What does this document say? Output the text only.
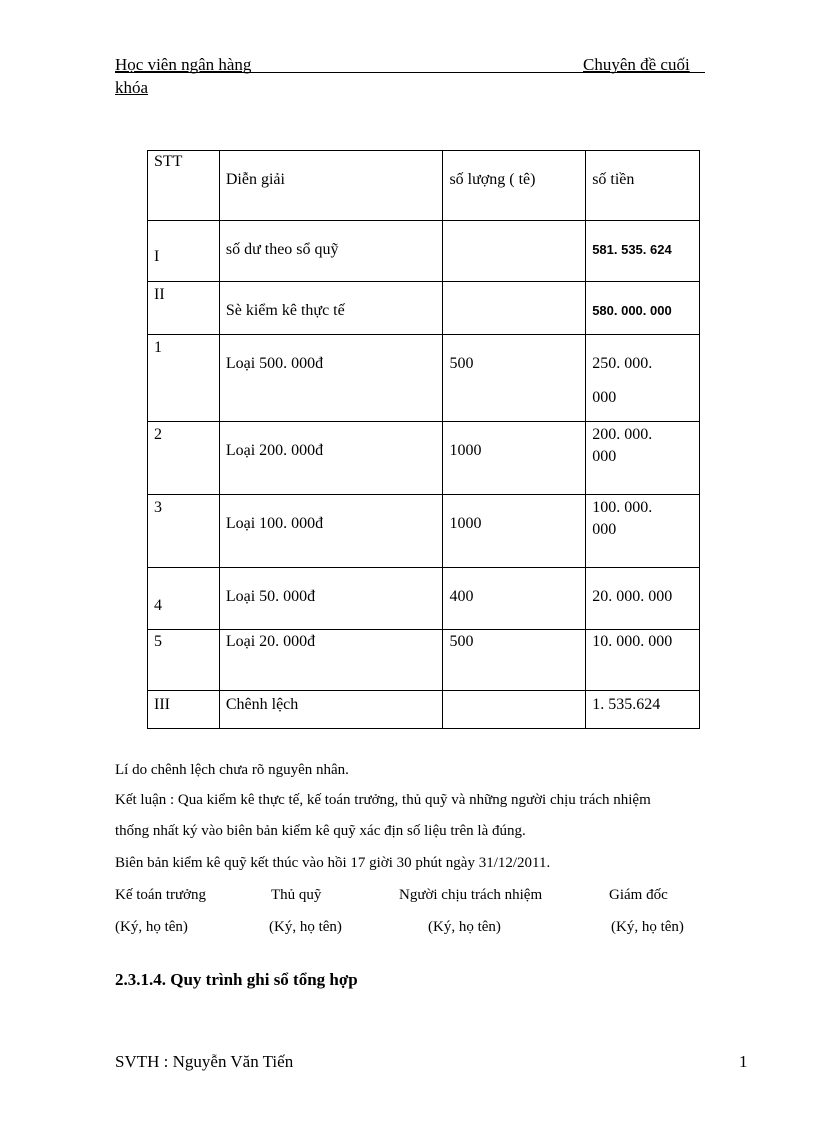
Học viên ngân hàng	Chuyên đề cuối
khóa
STT	Diễn giải	số lượng ( tê)	số tiền

I	số dư theo sổ quỹ		581. 535. 624

II	Sè kiểm kê thực tế		580. 000. 000

1	Loại 500. 000đ	500	250. 000.
000

2	Loại 200. 000đ	1000	200. 000.
000

3	Loại 100. 000đ	1000	100. 000.
000

4	Loại 50. 000đ	400	20. 000. 000

5	Loại 20. 000đ	500	10. 000. 000

III	Chênh lệch		1. 535.624
Lí do chênh lệch chưa rõ nguyên nhân.
Kết luận : Qua kiểm kê thực tế, kế toán trưởng, thủ quỹ và những người chịu trách nhiệm
thống nhất ký vào biên bản kiểm kê quỹ xác địn số liệu trên là đúng.
Biên bản kiểm kê quỹ kết thúc vào hồi 17 giời 30 phút ngày 31/12/2011.
Kế toán trưởng	Thủ quỹ	Người chịu trách nhiệm	Giám đốc
(Ký, họ tên)	(Ký, họ tên)	(Ký, họ tên)	(Ký, họ tên)
2.3.1.4. Quy trình ghi sổ tổng hợp
SVTH : Nguyễn Văn Tiến	1
